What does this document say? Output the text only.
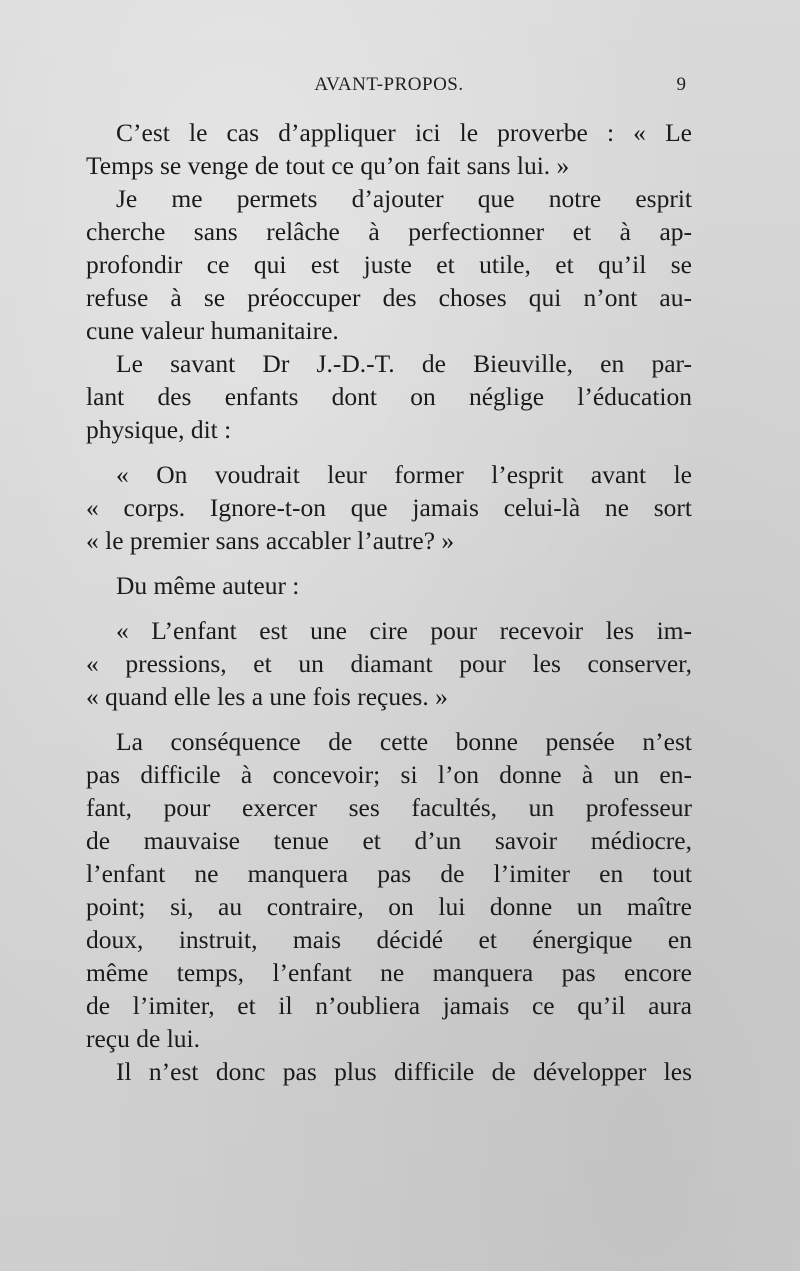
AVANT-PROPOS.	9
C’est le cas d’appliquer ici le proverbe : « Le
Temps se venge de tout ce qu’on fait sans lui. »
Je me permets d’ajouter que notre esprit
cherche sans relâche à perfectionner et à ap-
profondir ce qui est juste et utile, et qu’il se
refuse à se préoccuper des choses qui n’ont au-
cune valeur humanitaire.
Le savant Dr J.-D.-T. de Bieuville, en par-
lant des enfants dont on néglige l’éducation
physique, dit :
« On voudrait leur former l’esprit avant le
« corps. Ignore-t-on que jamais celui-là ne sort
« le premier sans accabler l’autre? »
Du même auteur :
« L’enfant est une cire pour recevoir les im-
« pressions, et un diamant pour les conserver,
« quand elle les a une fois reçues. »
La conséquence de cette bonne pensée n’est
pas difficile à concevoir; si l’on donne à un en-
fant, pour exercer ses facultés, un professeur
de mauvaise tenue et d’un savoir médiocre,
l’enfant ne manquera pas de l’imiter en tout
point; si, au contraire, on lui donne un maître
doux, instruit, mais décidé et énergique en
même temps, l’enfant ne manquera pas encore
de l’imiter, et il n’oubliera jamais ce qu’il aura
reçu de lui.
Il n’est donc pas plus difficile de développer les
